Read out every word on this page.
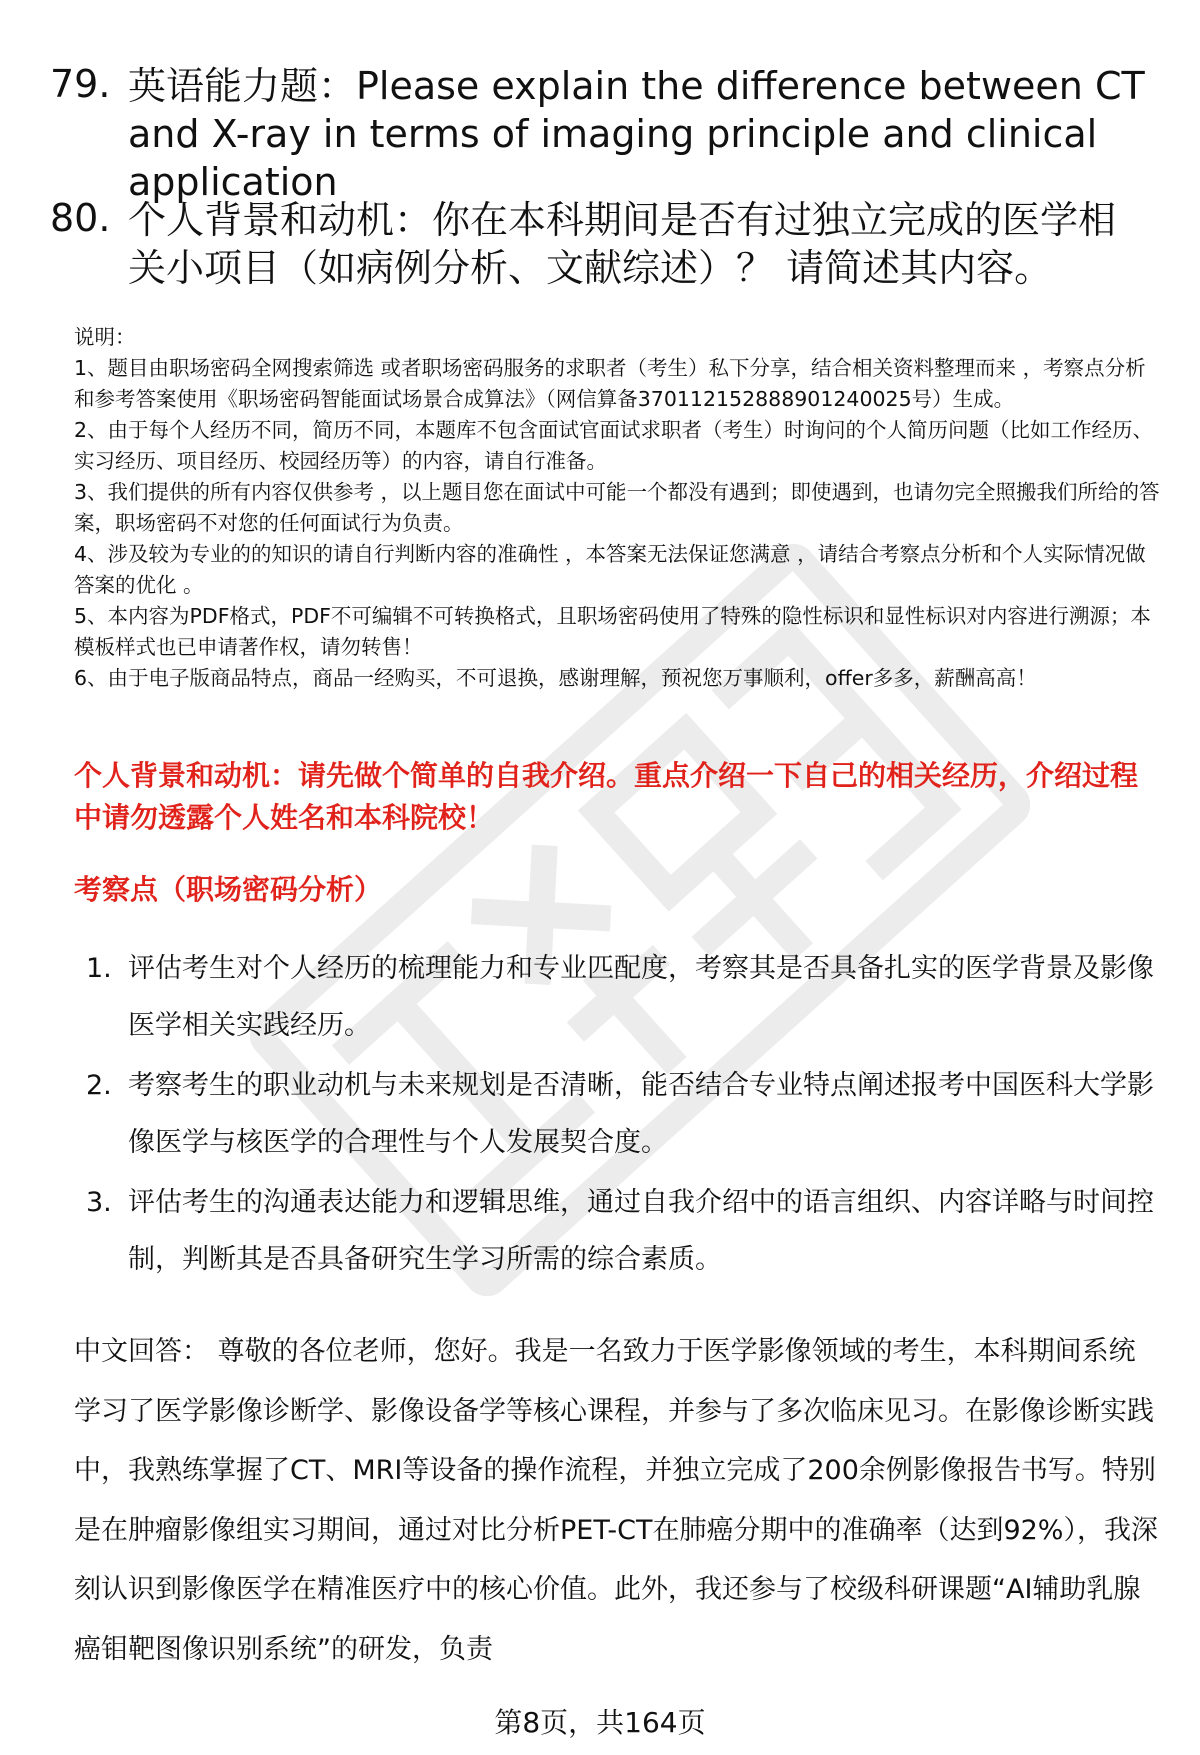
79. 英语能力题：Please explain the difference between CT and X-ray in terms of imaging principle and clinical application
80. 个人背景和动机：你在本科期间是否有过独立完成的医学相关小项目（如病例分析、文献综述）？ 请简述其内容。

说明：

1、题目由职场密码全网搜索筛选 或者职场密码服务的求职者（考生）私下分享，结合相关资料整理而来 ，考察点分析和参考答案使用《职场密码智能面试场景合成算法》（网信算备370112152888901240025号）生成。

2、由于每个人经历不同，简历不同，本题库不包含面试官面试求职者（考生）时询问的个人简历问题（比如工作经历、实习经历、项目经历、校园经历等）的内容，请自行准备。

3、我们提供的所有内容仅供参考 ，以上题目您在面试中可能一个都没有遇到；即使遇到，也请勿完全照搬我们所给的答案，职场密码不对您的任何面试行为负责。

4、涉及较为专业的的知识的请自行判断内容的准确性 ，本答案无法保证您满意 ，请结合考察点分析和个人实际情况做答案的优化 。

5、本内容为PDF格式，PDF不可编辑不可转换格式，且职场密码使用了特殊的隐性标识和显性标识对内容进行溯源；本模板样式也已申请著作权，请勿转售！

6、由于电子版商品特点，商品一经购买，不可退换，感谢理解，预祝您万事顺利，offer多多，薪酬高高！

个人背景和动机：请先做个简单的自我介绍。重点介绍一下自己的相关经历，介绍过程中请勿透露个人姓名和本科院校！
考察点（职场密码分析）
1. 评估考生对个人经历的梳理能力和专业匹配度，考察其是否具备扎实的医学背景及影像医学相关实践经历。
2. 考察考生的职业动机与未来规划是否清晰，能否结合专业特点阐述报考中国医科大学影像医学与核医学的合理性与个人发展契合度。
3. 评估考生的沟通表达能力和逻辑思维，通过自我介绍中的语言组织、内容详略与时间控制，判断其是否具备研究生学习所需的综合素质。
中文回答： 尊敬的各位老师，您好。我是一名致力于医学影像领域的考生，本科期间系统学习了医学影像诊断学、影像设备学等核心课程，并参与了多次临床见习。在影像诊断实践中，我熟练掌握了CT、MRI等设备的操作流程，并独立完成了200余例影像报告书写。特别是在肿瘤影像组实习期间，通过对比分析PET-CT在肺癌分期中的准确率（达到92%），我深刻认识到影像医学在精准医疗中的核心价值。此外，我还参与了校级科研课题“AI辅助乳腺癌钼靶图像识别系统”的研发，负责
第8页，共164页
